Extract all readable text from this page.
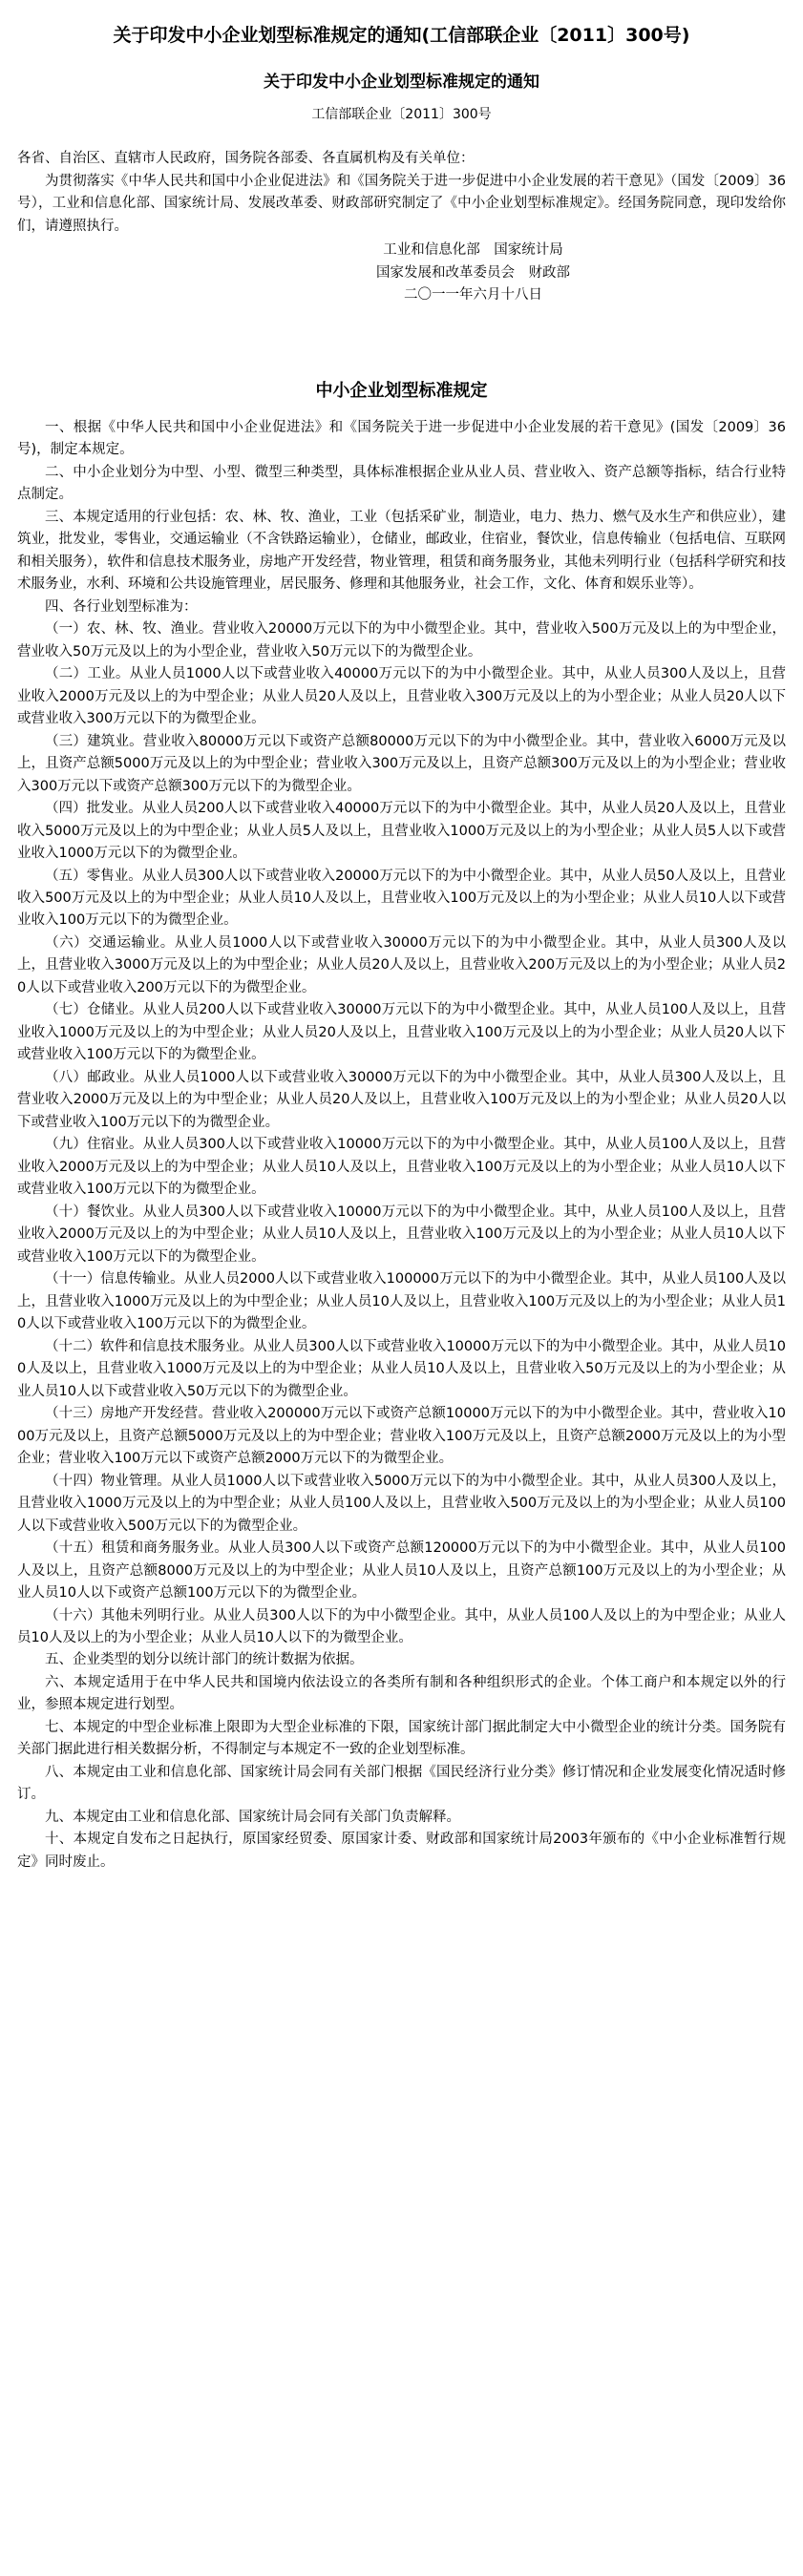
关于印发中小企业划型标准规定的通知(工信部联企业〔2011〕300号)
关于印发中小企业划型标准规定的通知
工信部联企业〔2011〕300号
各省、自治区、直辖市人民政府，国务院各部委、各直属机构及有关单位：

为贯彻落实《中华人民共和国中小企业促进法》和《国务院关于进一步促进中小企业发展的若干意见》（国发〔2009〕36号），工业和信息化部、国家统计局、发展改革委、财政部研究制定了《中小企业划型标准规定》。经国务院同意，现印发给你们，请遵照执行。

工业和信息化部　国家统计局
国家发展和改革委员会　财政部
二〇一一年六月十八日
中小企业划型标准规定

一、根据《中华人民共和国中小企业促进法》和《国务院关于进一步促进中小企业发展的若干意见》(国发〔2009〕36号)，制定本规定。

二、中小企业划分为中型、小型、微型三种类型，具体标准根据企业从业人员、营业收入、资产总额等指标，结合行业特点制定。

三、本规定适用的行业包括：农、林、牧、渔业，工业（包括采矿业，制造业，电力、热力、燃气及水生产和供应业），建筑业，批发业，零售业，交通运输业（不含铁路运输业），仓储业，邮政业，住宿业，餐饮业，信息传输业（包括电信、互联网和相关服务），软件和信息技术服务业，房地产开发经营，物业管理，租赁和商务服务业，其他未列明行业（包括科学研究和技术服务业，水利、环境和公共设施管理业，居民服务、修理和其他服务业，社会工作，文化、体育和娱乐业等）。

四、各行业划型标准为：

（一）农、林、牧、渔业。营业收入20000万元以下的为中小微型企业。其中，营业收入500万元及以上的为中型企业，营业收入50万元及以上的为小型企业，营业收入50万元以下的为微型企业。

（二）工业。从业人员1000人以下或营业收入40000万元以下的为中小微型企业。其中，从业人员300人及以上，且营业收入2000万元及以上的为中型企业；从业人员20人及以上，且营业收入300万元及以上的为小型企业；从业人员20人以下或营业收入300万元以下的为微型企业。

（三）建筑业。营业收入80000万元以下或资产总额80000万元以下的为中小微型企业。其中，营业收入6000万元及以上，且资产总额5000万元及以上的为中型企业；营业收入300万元及以上，且资产总额300万元及以上的为小型企业；营业收入300万元以下或资产总额300万元以下的为微型企业。

（四）批发业。从业人员200人以下或营业收入40000万元以下的为中小微型企业。其中，从业人员20人及以上，且营业收入5000万元及以上的为中型企业；从业人员5人及以上，且营业收入1000万元及以上的为小型企业；从业人员5人以下或营业收入1000万元以下的为微型企业。

（五）零售业。从业人员300人以下或营业收入20000万元以下的为中小微型企业。其中，从业人员50人及以上，且营业收入500万元及以上的为中型企业；从业人员10人及以上，且营业收入100万元及以上的为小型企业；从业人员10人以下或营业收入100万元以下的为微型企业。

（六）交通运输业。从业人员1000人以下或营业收入30000万元以下的为中小微型企业。其中，从业人员300人及以上，且营业收入3000万元及以上的为中型企业；从业人员20人及以上，且营业收入200万元及以上的为小型企业；从业人员20人以下或营业收入200万元以下的为微型企业。

（七）仓储业。从业人员200人以下或营业收入30000万元以下的为中小微型企业。其中，从业人员100人及以上，且营业收入1000万元及以上的为中型企业；从业人员20人及以上，且营业收入100万元及以上的为小型企业；从业人员20人以下或营业收入100万元以下的为微型企业。

（八）邮政业。从业人员1000人以下或营业收入30000万元以下的为中小微型企业。其中，从业人员300人及以上，且营业收入2000万元及以上的为中型企业；从业人员20人及以上，且营业收入100万元及以上的为小型企业；从业人员20人以下或营业收入100万元以下的为微型企业。

（九）住宿业。从业人员300人以下或营业收入10000万元以下的为中小微型企业。其中，从业人员100人及以上，且营业收入2000万元及以上的为中型企业；从业人员10人及以上，且营业收入100万元及以上的为小型企业；从业人员10人以下或营业收入100万元以下的为微型企业。

（十）餐饮业。从业人员300人以下或营业收入10000万元以下的为中小微型企业。其中，从业人员100人及以上，且营业收入2000万元及以上的为中型企业；从业人员10人及以上，且营业收入100万元及以上的为小型企业；从业人员10人以下或营业收入100万元以下的为微型企业。

（十一）信息传输业。从业人员2000人以下或营业收入100000万元以下的为中小微型企业。其中，从业人员100人及以上，且营业收入1000万元及以上的为中型企业；从业人员10人及以上，且营业收入100万元及以上的为小型企业；从业人员10人以下或营业收入100万元以下的为微型企业。

（十二）软件和信息技术服务业。从业人员300人以下或营业收入10000万元以下的为中小微型企业。其中，从业人员100人及以上，且营业收入1000万元及以上的为中型企业；从业人员10人及以上，且营业收入50万元及以上的为小型企业；从业人员10人以下或营业收入50万元以下的为微型企业。

（十三）房地产开发经营。营业收入200000万元以下或资产总额10000万元以下的为中小微型企业。其中，营业收入1000万元及以上，且资产总额5000万元及以上的为中型企业；营业收入100万元及以上，且资产总额2000万元及以上的为小型企业；营业收入100万元以下或资产总额2000万元以下的为微型企业。

（十四）物业管理。从业人员1000人以下或营业收入5000万元以下的为中小微型企业。其中，从业人员300人及以上，且营业收入1000万元及以上的为中型企业；从业人员100人及以上，且营业收入500万元及以上的为小型企业；从业人员100人以下或营业收入500万元以下的为微型企业。

（十五）租赁和商务服务业。从业人员300人以下或资产总额120000万元以下的为中小微型企业。其中，从业人员100人及以上，且资产总额8000万元及以上的为中型企业；从业人员10人及以上，且资产总额100万元及以上的为小型企业；从业人员10人以下或资产总额100万元以下的为微型企业。

（十六）其他未列明行业。从业人员300人以下的为中小微型企业。其中，从业人员100人及以上的为中型企业；从业人员10人及以上的为小型企业；从业人员10人以下的为微型企业。

五、企业类型的划分以统计部门的统计数据为依据。

六、本规定适用于在中华人民共和国境内依法设立的各类所有制和各种组织形式的企业。个体工商户和本规定以外的行业，参照本规定进行划型。

七、本规定的中型企业标准上限即为大型企业标准的下限，国家统计部门据此制定大中小微型企业的统计分类。国务院有关部门据此进行相关数据分析，不得制定与本规定不一致的企业划型标准。

八、本规定由工业和信息化部、国家统计局会同有关部门根据《国民经济行业分类》修订情况和企业发展变化情况适时修订。

九、本规定由工业和信息化部、国家统计局会同有关部门负责解释。

十、本规定自发布之日起执行，原国家经贸委、原国家计委、财政部和国家统计局2003年颁布的《中小企业标准暂行规定》同时废止。
